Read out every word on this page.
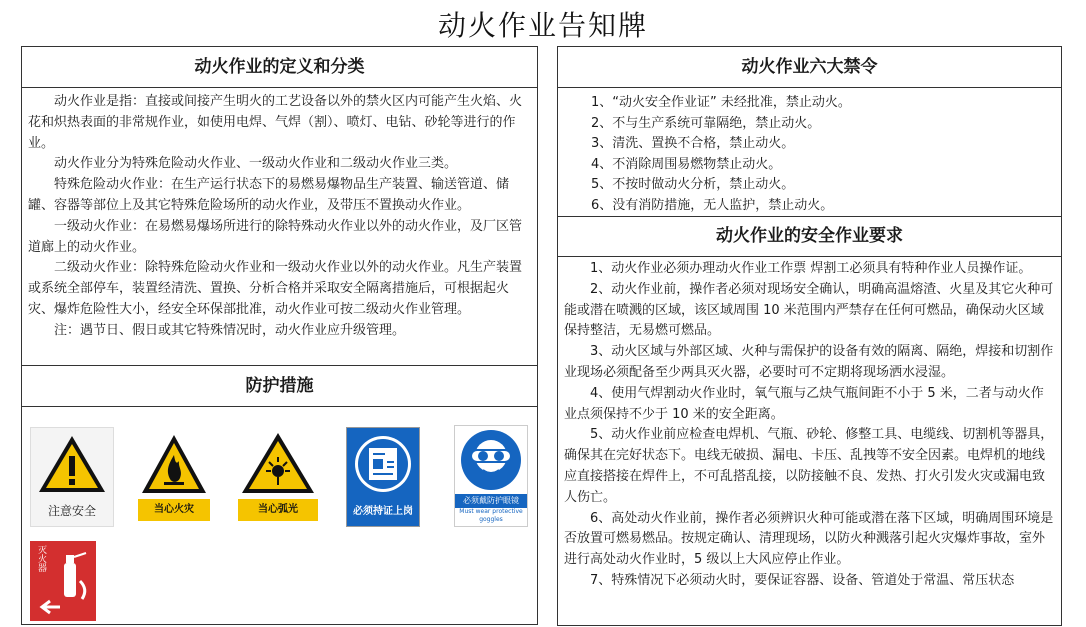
动火作业告知牌
动火作业的定义和分类

动火作业是指：直接或间接产生明火的工艺设备以外的禁火区内可能产生火焰、火花和炽热表面的非常规作业，如使用电焊、气焊（割）、喷灯、电钻、砂轮等进行的作业。

动火作业分为特殊危险动火作业、一级动火作业和二级动火作业三类。

特殊危险动火作业：在生产运行状态下的易燃易爆物品生产装置、输送管道、储罐、容器等部位上及其它特殊危险场所的动火作业，及带压不置换动火作业。

一级动火作业：在易燃易爆场所进行的除特殊动火作业以外的动火作业，及厂区管道廊上的动火作业。

二级动火作业：除特殊危险动火作业和一级动火作业以外的动火作业。凡生产装置或系统全部停车，装置经清洗、置换、分析合格并采取安全隔离措施后，可根据起火灾、爆炸危险性大小，经安全环保部批准，动火作业可按二级动火作业管理。

注：遇节日、假日或其它特殊情况时，动火作业应升级管理。

防护措施
注意安全	当心火灾	当心弧光	必须持证上岗
必须戴防护眼镜
Must wear protective goggles
灭火器
动火作业六大禁令
1、“动火安全作业证” 未经批准，禁止动火。
2、不与生产系统可靠隔绝，禁止动火。
3、清洗、置换不合格，禁止动火。
4、不消除周围易燃物禁止动火。
5、不按时做动火分析，禁止动火。
6、没有消防措施，无人监护，禁止动火。
动火作业的安全作业要求

1、动火作业必须办理动火作业工作票 焊割工必须具有特种作业人员操作证。

2、动火作业前，操作者必须对现场安全确认，明确高温熔渣、火星及其它火种可能或潜在喷溅的区域，该区域周围 10 米范围内严禁存在任何可燃品，确保动火区域保持整洁，无易燃可燃品。

3、动火区域与外部区域、火种与需保护的设备有效的隔离、隔绝，焊接和切割作业现场必须配备至少两具灭火器，必要时可不定期将现场洒水浸湿。

4、使用气焊割动火作业时，氧气瓶与乙炔气瓶间距不小于 5 米，二者与动火作业点须保持不少于 10 米的安全距离。

5、动火作业前应检查电焊机、气瓶、砂轮、修整工具、电缆线、切割机等器具，确保其在完好状态下。电线无破损、漏电、卡压、乱拽等不安全因素。电焊机的地线应直接搭接在焊件上，不可乱搭乱接，以防接触不良、发热、打火引发火灾或漏电致人伤亡。

6、高处动火作业前，操作者必须辨识火种可能或潜在落下区域，明确周围环境是否放置可燃易燃品。按规定确认、清理现场，以防火种溅落引起火灾爆炸事故，室外进行高处动火作业时，5 级以上大风应停止作业。

7、特殊情况下必须动火时，要保证容器、设备、管道处于常温、常压状态
